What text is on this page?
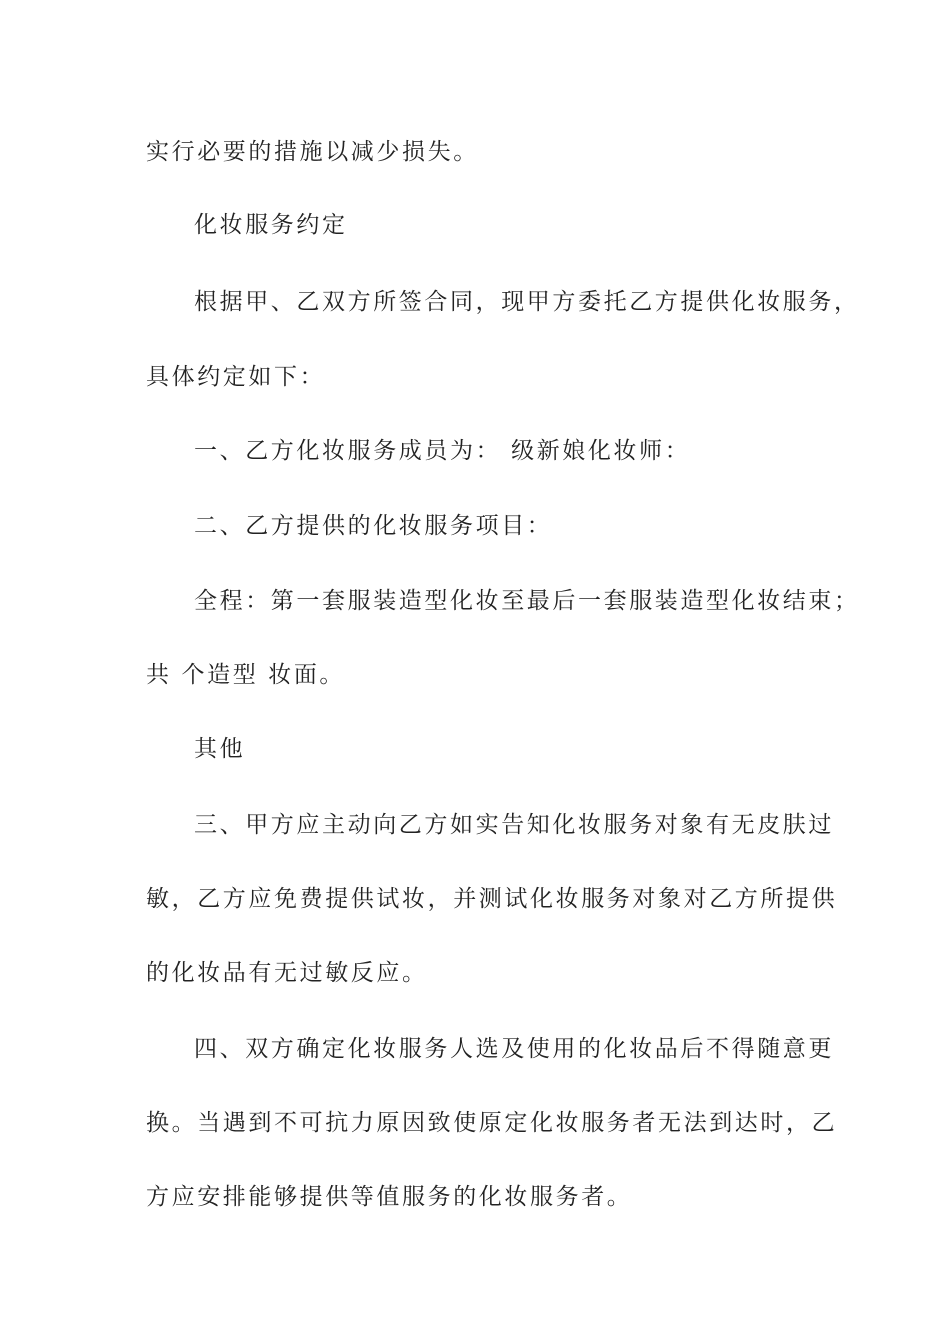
实行必要的措施以减少损失。
化妆服务约定
根据甲、乙双方所签合同，现甲方委托乙方提供化妆服务，
具体约定如下：
一、乙方化妆服务成员为： 级新娘化妆师：
二、乙方提供的化妆服务项目：
全程：第一套服装造型化妆至最后一套服装造型化妆结束；
共 个造型 妆面。
其他
三、甲方应主动向乙方如实告知化妆服务对象有无皮肤过
敏，乙方应免费提供试妆，并测试化妆服务对象对乙方所提供
的化妆品有无过敏反应。
四、双方确定化妆服务人选及使用的化妆品后不得随意更
换。当遇到不可抗力原因致使原定化妆服务者无法到达时，乙
方应安排能够提供等值服务的化妆服务者。
